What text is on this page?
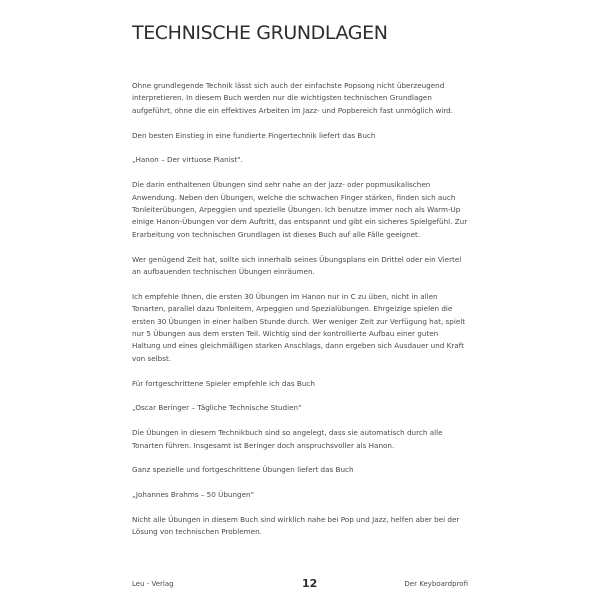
TECHNISCHE GRUNDLAGEN

Ohne grundlegende Technik lässt sich auch der einfachste Popsong nicht überzeugend interpretieren. In diesem Buch werden nur die wichtigsten technischen Grundlagen aufgeführt, ohne die ein effektives Arbeiten im Jazz- und Popbereich fast unmöglich wird.

Den besten Einstieg in eine fundierte Fingertechnik liefert das Buch

„Hanon – Der virtuose Pianist".

Die darin enthaltenen Übungen sind sehr nahe an der jazz- oder popmusikalischen Anwendung. Neben den Übungen, welche die schwachen Finger stärken, finden sich auch Tonleiterübungen, Arpeggien und spezielle Übungen. Ich benutze immer noch als Warm-Up einige Hanon-Übungen vor dem Auftritt, das entspannt und gibt ein sicheres Spielgefühl. Zur Erarbeitung von technischen Grundlagen ist dieses Buch auf alle Fälle geeignet.

Wer genügend Zeit hat, sollte sich innerhalb seines Übungsplans ein Drittel oder ein Viertel an aufbauenden technischen Übungen einräumen.

Ich empfehle Ihnen, die ersten 30 Übungen im Hanon nur in C zu üben, nicht in allen Tonarten, parallel dazu Tonleitern, Arpeggien und Spezialübungen. Ehrgeizige spielen die ersten 30 Übungen in einer halben Stunde durch. Wer weniger Zeit zur Verfügung hat, spielt nur 5 Übungen aus dem ersten Teil. Wichtig sind der kontrollierte Aufbau einer guten Haltung und eines gleichmäßigen starken Anschlags, dann ergeben sich Ausdauer und Kraft von selbst.

Für fortgeschrittene Spieler empfehle ich das Buch

„Oscar Beringer – Tägliche Technische Studien"

Die Übungen in diesem Technikbuch sind so angelegt, dass sie automatisch durch alle Tonarten führen. Insgesamt ist Beringer doch anspruchsvoller als Hanon.

Ganz spezielle und fortgeschrittene Übungen liefert das Buch

„Johannes Brahms – 50 Übungen"

Nicht alle Übungen in diesem Buch sind wirklich nahe bei Pop und Jazz, helfen aber bei der Lösung von technischen Problemen.

Leu - Verlag	12	Der Keyboardprofi
